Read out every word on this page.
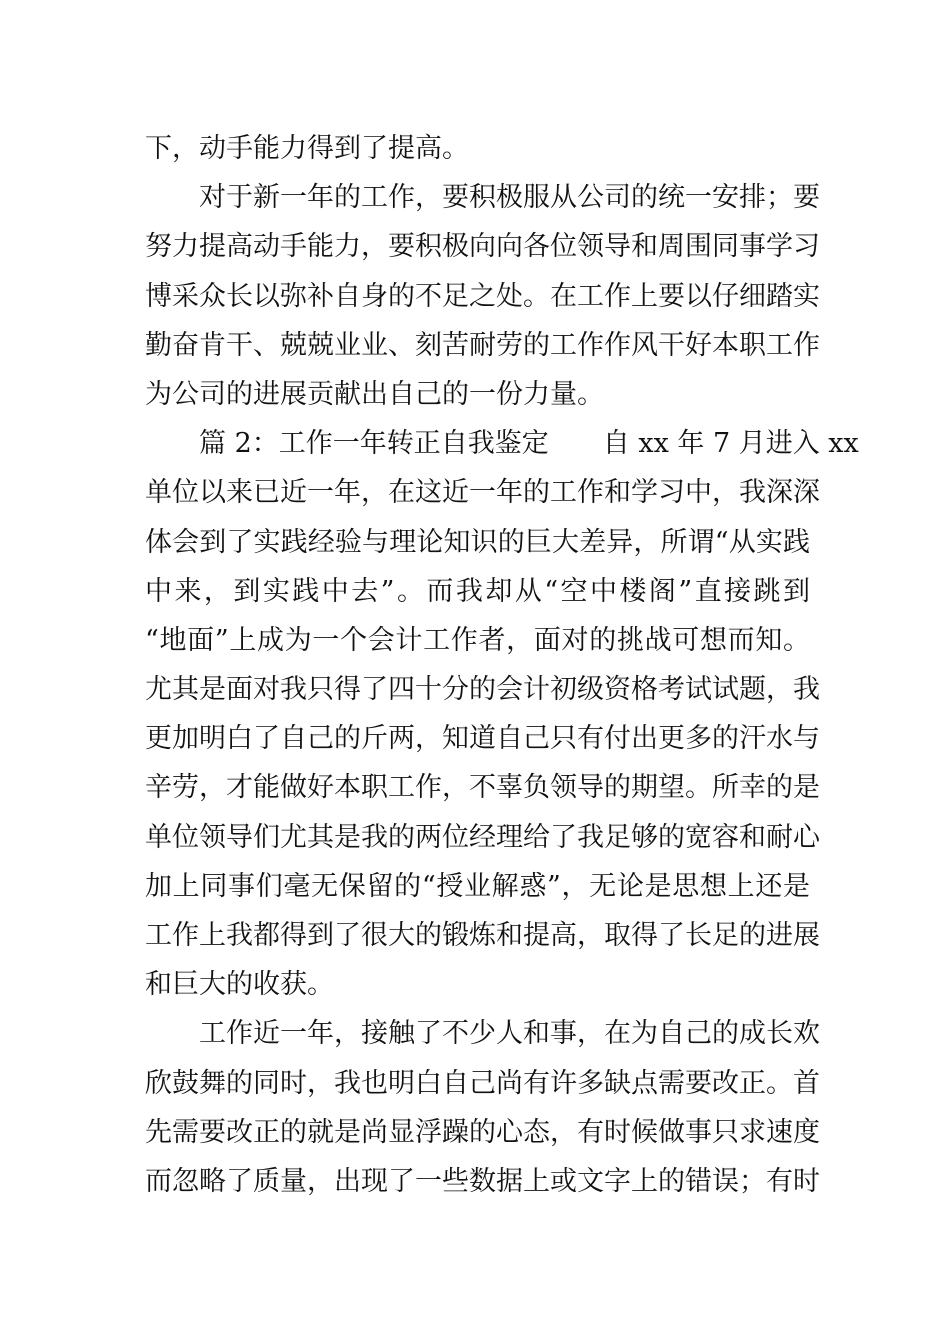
下，动手能力得到了提高。
对于新一年的工作，要积极服从公司的统一安排；要
努力提高动手能力，要积极向向各位领导和周围同事学习
博采众长以弥补自身的不足之处。在工作上要以仔细踏实
勤奋肯干、兢兢业业、刻苦耐劳的工作作风干好本职工作
为公司的进展贡献出自己的一份力量。
篇 2：工作一年转正自我鉴定　　自 xx 年 7 月进入 xx
单位以来已近一年，在这近一年的工作和学习中，我深深
体会到了实践经验与理论知识的巨大差异，所谓“从实践
中来，到实践中去”。而我却从“空中楼阁”直接跳到
“地面”上成为一个会计工作者，面对的挑战可想而知。
尤其是面对我只得了四十分的会计初级资格考试试题，我
更加明白了自己的斤两，知道自己只有付出更多的汗水与
辛劳，才能做好本职工作，不辜负领导的期望。所幸的是
单位领导们尤其是我的两位经理给了我足够的宽容和耐心
加上同事们毫无保留的“授业解惑”，无论是思想上还是
工作上我都得到了很大的锻炼和提高，取得了长足的进展
和巨大的收获。
工作近一年，接触了不少人和事，在为自己的成长欢
欣鼓舞的同时，我也明白自己尚有许多缺点需要改正。首
先需要改正的就是尚显浮躁的心态，有时候做事只求速度
而忽略了质量，出现了一些数据上或文字上的错误；有时
